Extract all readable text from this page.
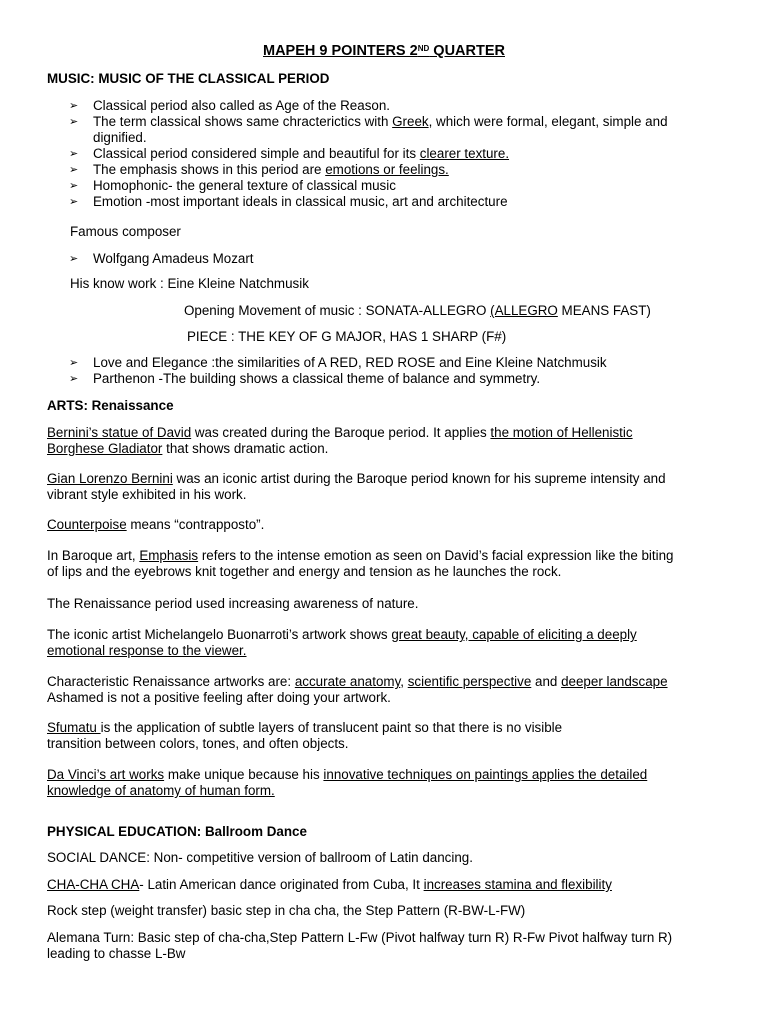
MAPEH 9 POINTERS 2ND QUARTER
MUSIC: MUSIC OF THE CLASSICAL PERIOD
➢ Classical period also called as Age of the Reason.
➢ The term classical shows same chracterictics with Greek, which were formal, elegant, simple and
dignified.
➢ Classical period considered simple and beautiful for its clearer texture.
➢ The emphasis shows in this period are emotions or feelings.
➢ Homophonic- the general texture of classical music
➢ Emotion -most important ideals in classical music, art and architecture
Famous composer
➢ Wolfgang Amadeus Mozart
His know work : Eine Kleine Natchmusik
Opening Movement of music : SONATA-ALLEGRO (ALLEGRO MEANS FAST)
PIECE : THE KEY OF G MAJOR, HAS 1 SHARP (F#)
➢ Love and Elegance :the similarities of A RED, RED ROSE and Eine Kleine Natchmusik
➢ Parthenon -The building shows a classical theme of balance and symmetry.
ARTS: Renaissance
Bernini’s statue of David was created during the Baroque period. It applies the motion of Hellenistic
Borghese Gladiator that shows dramatic action.
Gian Lorenzo Bernini was an iconic artist during the Baroque period known for his supreme intensity and
vibrant style exhibited in his work.
Counterpoise means “contrapposto”.
In Baroque art, Emphasis refers to the intense emotion as seen on David’s facial expression like the biting
of lips and the eyebrows knit together and energy and tension as he launches the rock.
The Renaissance period used increasing awareness of nature.
The iconic artist Michelangelo Buonarroti’s artwork shows great beauty, capable of eliciting a deeply
emotional response to the viewer.
Characteristic Renaissance artworks are: accurate anatomy, scientific perspective and deeper landscape
Ashamed is not a positive feeling after doing your artwork.
Sfumatu is the application of subtle layers of translucent paint so that there is no visible
transition between colors, tones, and often objects.
Da Vinci’s art works make unique because his innovative techniques on paintings applies the detailed
knowledge of anatomy of human form.
PHYSICAL EDUCATION: Ballroom Dance
SOCIAL DANCE: Non- competitive version of ballroom of Latin dancing.
CHA-CHA CHA- Latin American dance originated from Cuba, It increases stamina and flexibility
Rock step (weight transfer) basic step in cha cha, the Step Pattern (R-BW-L-FW)
Alemana Turn: Basic step of cha-cha,Step Pattern L-Fw (Pivot halfway turn R) R-Fw Pivot halfway turn R)
leading to chasse L-Bw
